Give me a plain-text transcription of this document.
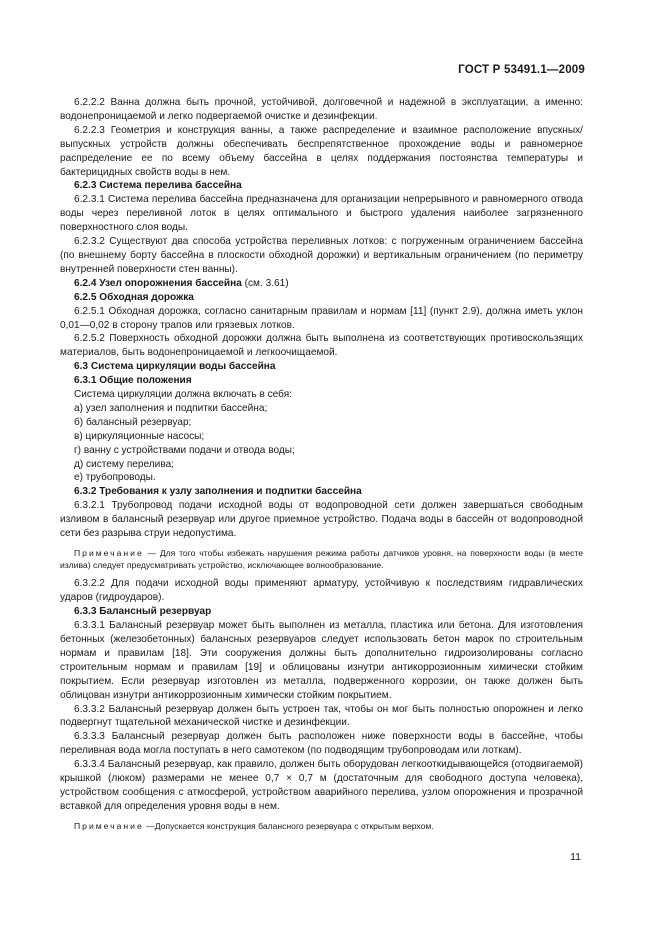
ГОСТ Р 53491.1—2009

6.2.2.2 Ванна должна быть прочной, устойчивой, долговечной и надежной в эксплуатации, а именно: водонепроницаемой и легко подвергаемой очистке и дезинфекции.

6.2.2.3 Геометрия и конструкция ванны, а также распределение и взаимное расположение впускных/выпускных устройств должны обеспечивать беспрепятственное прохождение воды и равномерное распределение ее по всему объему бассейна в целях поддержания постоянства температуры и бактерицидных свойств воды в нем.

6.2.3 Система перелива бассейна

6.2.3.1 Система перелива бассейна предназначена для организации непрерывного и равномерного отвода воды через переливной лоток в целях оптимального и быстрого удаления наиболее загрязненного поверхностного слоя воды.

6.2.3.2 Существуют два способа устройства переливных лотков: с погруженным ограничением бассейна (по внешнему борту бассейна в плоскости обходной дорожки) и вертикальным ограничением (по периметру внутренней поверхности стен ванны).

6.2.4 Узел опорожнения бассейна (см. 3.61)

6.2.5 Обходная дорожка

6.2.5.1 Обходная дорожка, согласно санитарным правилам и нормам [11] (пункт 2.9), должна иметь уклон 0,01—0,02 в сторону трапов или грязевых лотков.

6.2.5.2 Поверхность обходной дорожки должна быть выполнена из соответствующих противоскользящих материалов, быть водонепроницаемой и легкоочищаемой.

6.3 Система циркуляции воды бассейна

6.3.1 Общие положения

Система циркуляции должна включать в себя:

а) узел заполнения и подпитки бассейна;

б) балансный резервуар;

в) циркуляционные насосы;

г) ванну с устройствами подачи и отвода воды;

д) систему перелива;

е) трубопроводы.

6.3.2 Требования к узлу заполнения и подпитки бассейна

6.3.2.1 Трубопровод подачи исходной воды от водопроводной сети должен завершаться свободным изливом в балансный резервуар или другое приемное устройство. Подача воды в бассейн от водопроводной сети без разрыва струи недопустима.

Примечание — Для того чтобы избежать нарушения режима работы датчиков уровня, на поверхности воды (в месте излива) следует предусматривать устройство, исключающее волнообразование.

6.3.2.2 Для подачи исходной воды применяют арматуру, устойчивую к последствиям гидравлических ударов (гидроударов).

6.3.3 Балансный резервуар

6.3.3.1 Балансный резервуар может быть выполнен из металла, пластика или бетона. Для изготовления бетонных (железобетонных) балансных резервуаров следует использовать бетон марок по строительным нормам и правилам [18]. Эти сооружения должны быть дополнительно гидроизолированы согласно строительным нормам и правилам [19] и облицованы изнутри антикоррозионным химически стойким покрытием. Если резервуар изготовлен из металла, подверженного коррозии, он также должен быть облицован изнутри антикоррозионным химически стойким покрытием.

6.3.3.2 Балансный резервуар должен быть устроен так, чтобы он мог быть полностью опорожнен и легко подвергнут тщательной механической чистке и дезинфекции.

6.3.3.3 Балансный резервуар должен быть расположен ниже поверхности воды в бассейне, чтобы переливная вода могла поступать в него самотеком (по подводящим трубопроводам или лоткам).

6.3.3.4 Балансный резервуар, как правило, должен быть оборудован легкооткидывающейся (отодвигаемой) крышкой (люком) размерами не менее 0,7 × 0,7 м (достаточным для свободного доступа человека), устройством сообщения с атмосферой, устройством аварийного перелива, узлом опорожнения и прозрачной вставкой для определения уровня воды в нем.

Примечание —Допускается конструкция балансного резервуара с открытым верхом.

11
